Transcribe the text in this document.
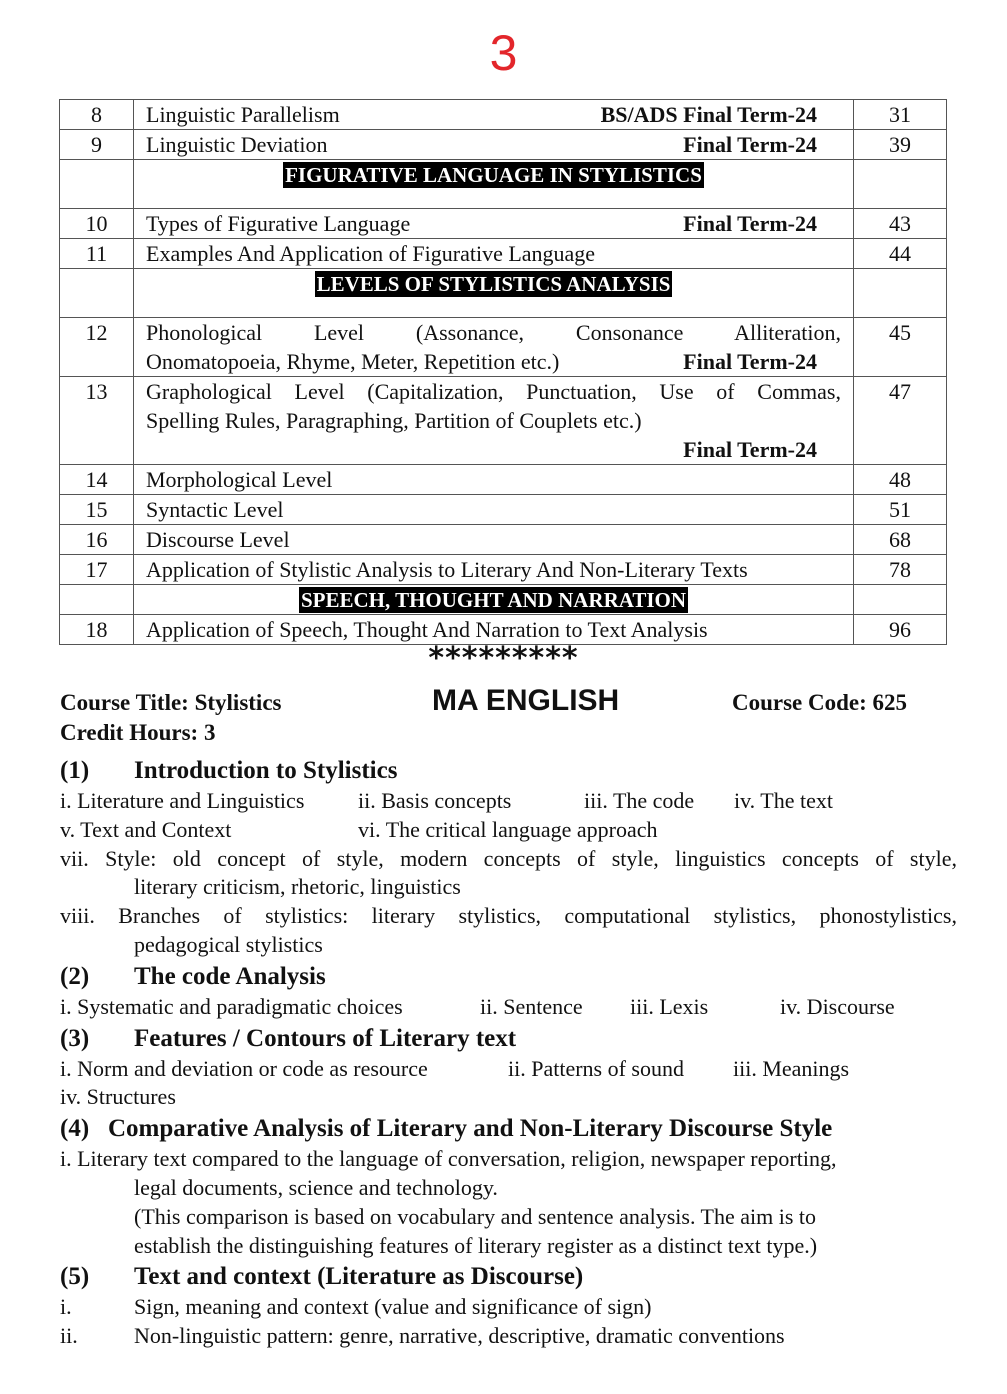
3
8	Linguistic Parallelism BS/ADS Final Term-24	31
9	Linguistic Deviation Final Term-24	39
	FIGURATIVE LANGUAGE IN STYLISTICS	
10	Types of Figurative Language Final Term-24	43
11	Examples And Application of Figurative Language	44
	LEVELS OF STYLISTICS ANALYSIS	
12	Phonological Level (Assonance, Consonance Alliteration,
Onomatopoeia, Rhyme, Meter, Repetition etc.) Final Term-24	45
13	Graphological Level (Capitalization, Punctuation, Use of Commas,
Spelling Rules, Paragraphing, Partition of Couplets etc.)
Final Term-24	47
14	Morphological Level	48
15	Syntactic Level	51
16	Discourse Level	68
17	Application of Stylistic Analysis to Literary And Non-Literary Texts	78
	SPEECH, THOUGHT AND NARRATION	
18	Application of Speech, Thought And Narration to Text Analysis	96
*********
Course Title: Stylistics	MA ENGLISH	Course Code: 625
Credit Hours: 3
(1)	Introduction to Stylistics
i. Literature and Linguistics	ii. Basis concepts	iii. The code	iv. The text
v. Text and Context	vi. The critical language approach
vii. Style: old concept of style, modern concepts of style, linguistics concepts of style,
literary criticism, rhetoric, linguistics
viii. Branches of stylistics: literary stylistics, computational stylistics, phonostylistics,
pedagogical stylistics
(2)	The code Analysis
i. Systematic and paradigmatic choices	ii. Sentence	iii. Lexis	iv. Discourse
(3)	Features / Contours of Literary text
i. Norm and deviation or code as resource	ii. Patterns of sound	iii. Meanings
iv. Structures
(4) Comparative Analysis of Literary and Non-Literary Discourse Style
i. Literary text compared to the language of conversation, religion, newspaper reporting,
legal documents, science and technology.
(This comparison is based on vocabulary and sentence analysis. The aim is to
establish the distinguishing features of literary register as a distinct text type.)
(5)	Text and context (Literature as Discourse)
i.	Sign, meaning and context (value and significance of sign)
ii.	Non-linguistic pattern: genre, narrative, descriptive, dramatic conventions
